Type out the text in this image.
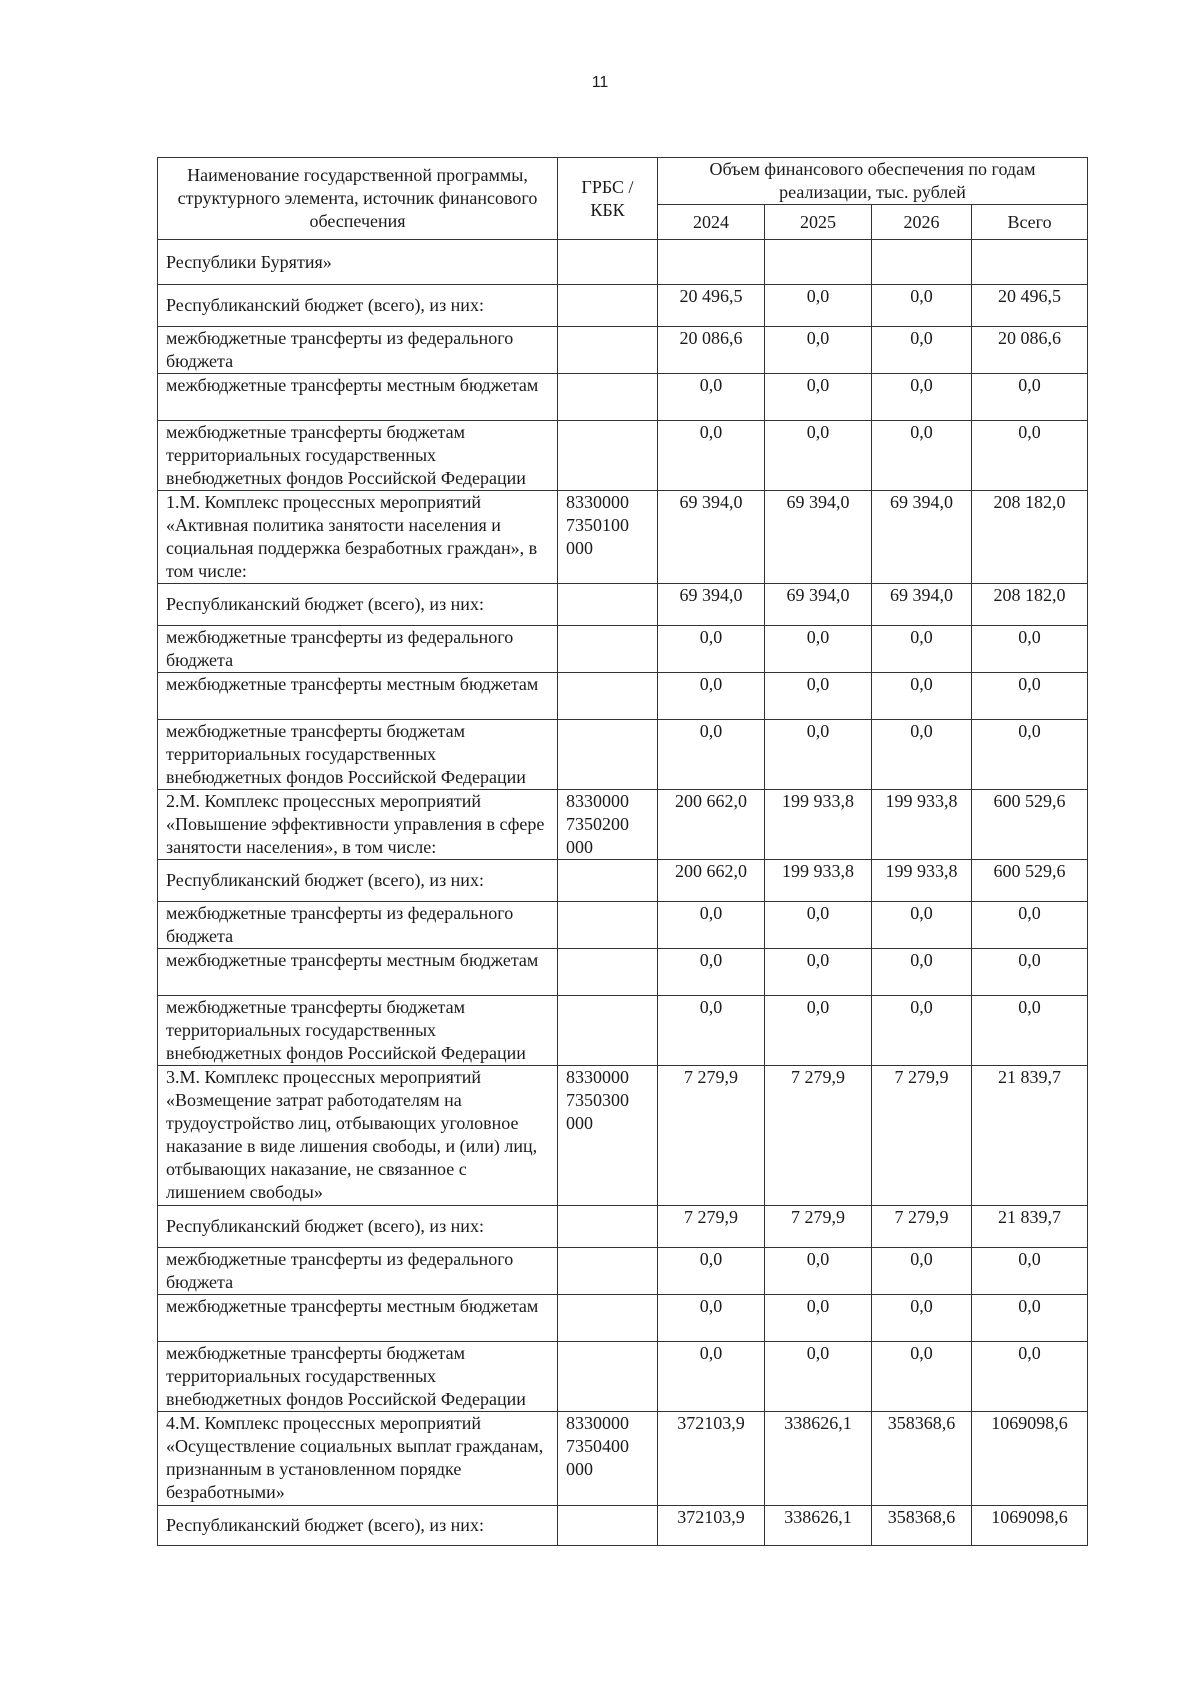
11
Наименование государственной программы, структурного элемента, источник финансового обеспечения	ГРБС /КБК	Объем финансового обеспечения по годам реализации, тыс. рублей			
		2024	2025	2026	Всего
Республики Бурятия»					
Республиканский бюджет (всего), из них:		20 496,5	0,0	0,0	20 496,5
межбюджетные трансферты из федерального бюджета		20 086,6	0,0	0,0	20 086,6
межбюджетные трансферты местным бюджетам		0,0	0,0	0,0	0,0
межбюджетные трансферты бюджетам территориальных государственных внебюджетных фондов Российской Федерации		0,0	0,0	0,0	0,0
1.М. Комплекс процессных мероприятий «Активная политика занятости населения и социальная поддержка безработных граждан», в том числе:	8330000 7350100 000	69 394,0	69 394,0	69 394,0	208 182,0
Республиканский бюджет (всего), из них:		69 394,0	69 394,0	69 394,0	208 182,0
межбюджетные трансферты из федерального бюджета		0,0	0,0	0,0	0,0
межбюджетные трансферты местным бюджетам		0,0	0,0	0,0	0,0
межбюджетные трансферты бюджетам территориальных государственных внебюджетных фондов Российской Федерации		0,0	0,0	0,0	0,0
2.М. Комплекс процессных мероприятий «Повышение эффективности управления в сфере занятости населения», в том числе:	8330000 7350200 000	200 662,0	199 933,8	199 933,8	600 529,6
Республиканский бюджет (всего), из них:		200 662,0	199 933,8	199 933,8	600 529,6
межбюджетные трансферты из федерального бюджета		0,0	0,0	0,0	0,0
межбюджетные трансферты местным бюджетам		0,0	0,0	0,0	0,0
межбюджетные трансферты бюджетам территориальных государственных внебюджетных фондов Российской Федерации		0,0	0,0	0,0	0,0
3.М. Комплекс процессных мероприятий «Возмещение затрат работодателям на трудоустройство лиц, отбывающих уголовное наказание в виде лишения свободы, и (или) лиц, отбывающих наказание, не связанное с лишением свободы»	8330000 7350300 000	7 279,9	7 279,9	7 279,9	21 839,7
Республиканский бюджет (всего), из них:		7 279,9	7 279,9	7 279,9	21 839,7
межбюджетные трансферты из федерального бюджета		0,0	0,0	0,0	0,0
межбюджетные трансферты местным бюджетам		0,0	0,0	0,0	0,0
межбюджетные трансферты бюджетам территориальных государственных внебюджетных фондов Российской Федерации		0,0	0,0	0,0	0,0
4.М. Комплекс процессных мероприятий «Осуществление социальных выплат гражданам, признанным в установленном порядке безработными»	8330000 7350400 000	372103,9	338626,1	358368,6	1069098,6
Республиканский бюджет (всего), из них:		372103,9	338626,1	358368,6	1069098,6
